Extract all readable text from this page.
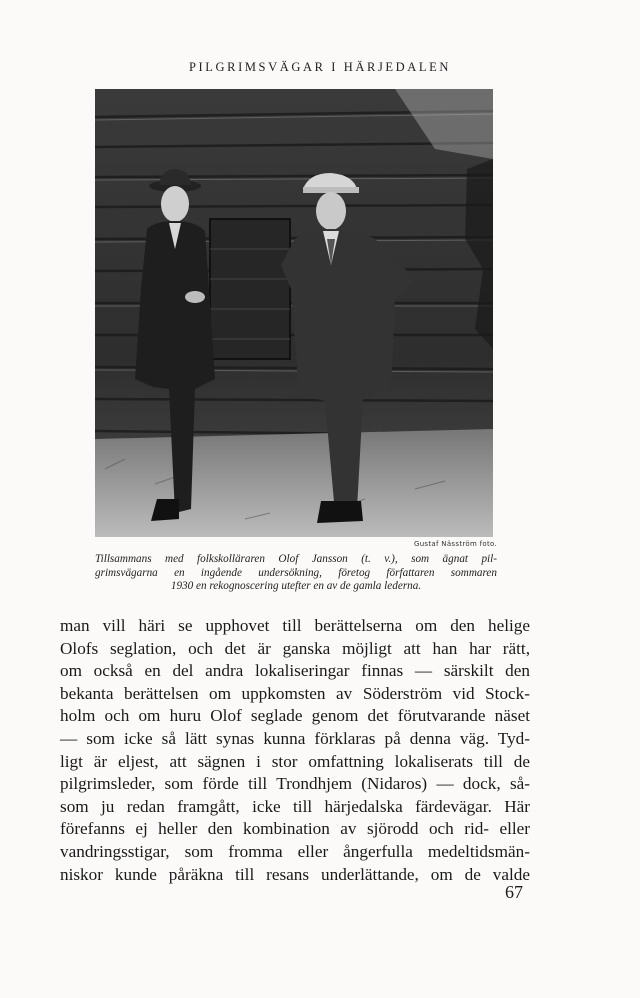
PILGRIMSVÄGAR I HÄRJEDALEN
Gustaf Näsström foto.
Tillsammans med folkskolläraren Olof Jansson (t. v.), som ägnat pil-
grimsvägarna en ingående undersökning, företog författaren sommaren
1930 en rekognoscering utefter en av de gamla lederna.
man vill häri se upphovet till berättelserna om den helige
Olofs seglation, och det är ganska möjligt att han har rätt,
om också en del andra lokaliseringar finnas — särskilt den
bekanta berättelsen om uppkomsten av Söderström vid Stock-
holm och om huru Olof seglade genom det förutvarande näset
— som icke så lätt synas kunna förklaras på denna väg. Tyd-
ligt är eljest, att sägnen i stor omfattning lokaliserats till de
pilgrimsleder, som förde till Trondhjem (Nidaros) — dock, så-
som ju redan framgått, icke till härjedalska färdevägar. Här
förefanns ej heller den kombination av sjörodd och rid- eller
vandringsstigar, som fromma eller ångerfulla medeltidsmän-
niskor kunde påräkna till resans underlättande, om de valde
67
